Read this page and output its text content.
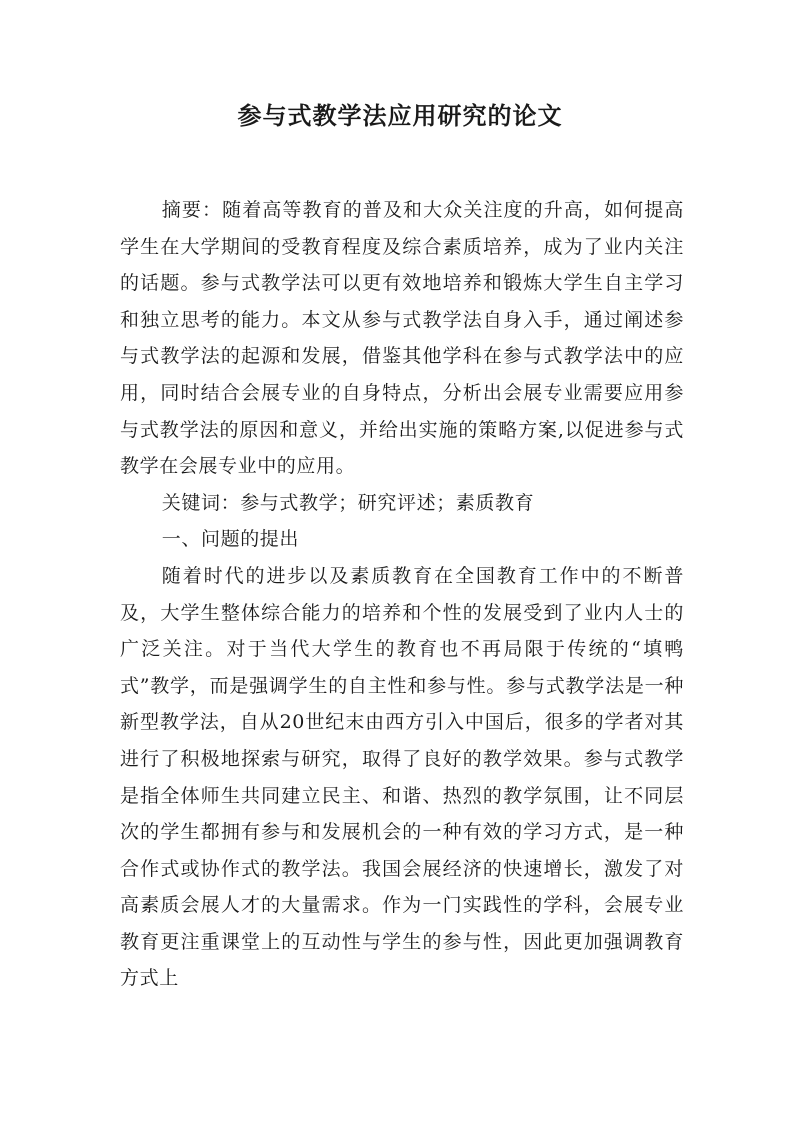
参与式教学法应用研究的论文

摘要：随着高等教育的普及和大众关注度的升高，如何提高学生在大学期间的受教育程度及综合素质培养，成为了业内关注的话题。参与式教学法可以更有效地培养和锻炼大学生自主学习和独立思考的能力。本文从参与式教学法自身入手，通过阐述参与式教学法的起源和发展，借鉴其他学科在参与式教学法中的应用，同时结合会展专业的自身特点，分析出会展专业需要应用参与式教学法的原因和意义，并给出实施的策略方案,以促进参与式教学在会展专业中的应用。

关键词：参与式教学；研究评述；素质教育

一、问题的提出

随着时代的进步以及素质教育在全国教育工作中的不断普及，大学生整体综合能力的培养和个性的发展受到了业内人士的广泛关注。对于当代大学生的教育也不再局限于传统的“填鸭式”教学，而是强调学生的自主性和参与性。参与式教学法是一种新型教学法，自从20世纪末由西方引入中国后，很多的学者对其进行了积极地探索与研究，取得了良好的教学效果。参与式教学是指全体师生共同建立民主、和谐、热烈的教学氛围，让不同层次的学生都拥有参与和发展机会的一种有效的学习方式，是一种合作式或协作式的教学法。我国会展经济的快速增长，激发了对高素质会展人才的大量需求。作为一门实践性的学科，会展专业教育更注重课堂上的互动性与学生的参与性，因此更加强调教育方式上
